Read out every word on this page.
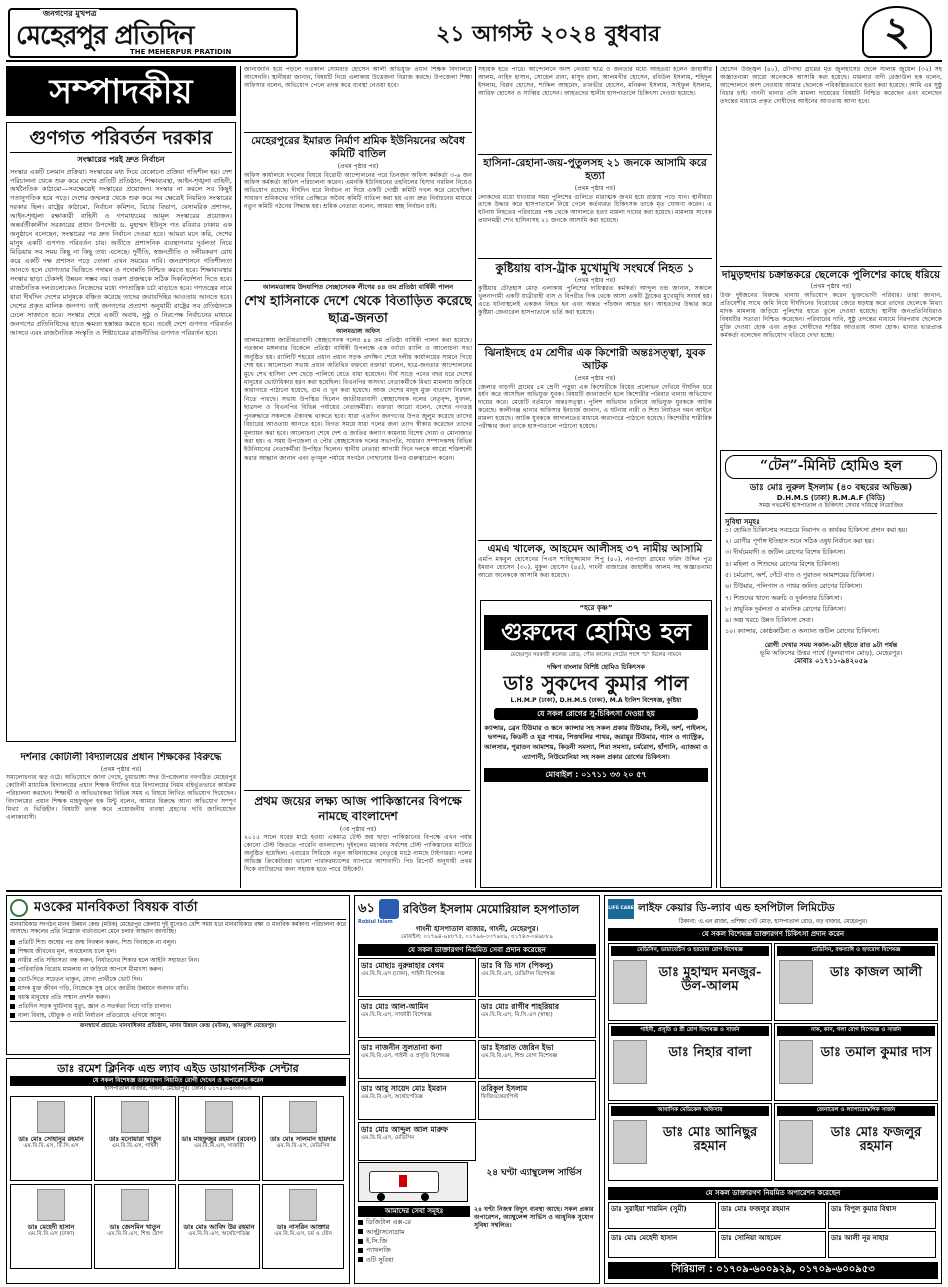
জনগণের মুখপত্র
মেহেরপুর প্রতিদিন
THE MEHERPUR PRATIDIN
২১ আগস্ট ২০২৪ বুধবার	২
সম্পাদকীয়
গুণগত পরিবর্তন দরকার
সংস্কারের পরই দ্রুত নির্বাচন
সংস্কার একটি চলমান প্রক্রিয়া। সংস্কারের মধ্য দিয়ে যেকোনো প্রক্রিয়া গতিশীল হয়। দেশ পরিচালনা থেকে শুরু করে দেশের প্রতিটি প্রতিষ্ঠান, শিক্ষাব্যবস্থা, আইন-শৃঙ্খলা বাহিনী, অর্থনৈতিক কাঠামো—সবক্ষেত্রেই সংস্কারের প্রয়োজন। সংস্কার না করলে সব কিছুই গতানুগতিক হয়ে পড়ে। দেশের জন্মলগ্ন থেকে শুরু করে সব ক্ষেত্রেই নিয়মিত সংস্কারের দরকার ছিল। রাষ্ট্রের কাঠামো, নির্বাচন কমিশন, বিচার বিভাগ, বেসামরিক প্রশাসন, আইন-শৃঙ্খলা রক্ষাকারী বাহিনী ও গণমাধ্যমের আমূল সংস্কারের প্রয়োজন। অন্তর্বর্তীকালীন সরকারের প্রধান উপদেষ্টা ড. মুহাম্মদ ইউনূস গত রবিবার ঢাকায় এক অনুষ্ঠানে বলেছেন, সংস্কারের পর দ্রুত নির্বাচন দেওয়া হবে। আমরা মনে করি, দেশের মানুষ একটি গুণগত পরিবর্তন চায়। অতীতে প্রশাসনিক ব্যবস্থাপনার দুর্বলতা নিয়ে মিডিয়ায় সব সময় কিছু না কিছু তথ্য এসেছে। দুর্নীতি, স্বজনপ্রীতি ও দলীয়করণ রোধ করে একটি দক্ষ প্রশাসন গড়ে তোলা এখন সময়ের দাবি। জনপ্রশাসনে গতিশীলতা আনতে হলে যোগ্যতার ভিত্তিতে পদায়ন ও পদোন্নতি নিশ্চিত করতে হবে। শিক্ষাব্যবস্থার সংস্কার ছাড়া টেকসই উন্নয়ন সম্ভব নয়। তরুণ প্রজন্মকে সঠিক দিকনির্দেশনা দিতে হবে। রাজনৈতিক দলগুলোকেও নিজেদের মধ্যে গণতান্ত্রিক চর্চা বাড়াতে হবে। গণতন্ত্রের নামে যারা দীর্ঘদিন দেশের মানুষকে বঞ্চিত করেছে তাদের জবাবদিহির আওতায় আনতে হবে। দেশের প্রকৃত মালিক জনগণ। তাই জনগণের প্রত্যাশা অনুযায়ী রাষ্ট্রের সব প্রতিষ্ঠানকে ঢেলে সাজাতে হবে। সংস্কার শেষে একটি অবাধ, সুষ্ঠু ও নিরপেক্ষ নির্বাচনের মাধ্যমে জনগণের প্রতিনিধিদের হাতে ক্ষমতা হস্তান্তর করতে হবে। তবেই দেশে গুণগত পরিবর্তন আসবে এবং রাজনৈতিক সংস্কৃতি ও শিষ্টাচারের রাজনীতির গুণগত পরিবর্তন হবে।
দর্শনার কোটালী বিদ্যালয়ের প্রধান শিক্ষকের বিরুদ্ধে
(প্রথম পৃষ্ঠার পর)
সমালোচনার ঝড় ওঠে। অভিযোগে জানা গেছে, চুয়াডাঙ্গা সদর উপজেলার নবগঠিত মেহেরপুর কোটালী মাধ্যমিক বিদ্যালয়ের প্রধান শিক্ষক দীর্ঘদিন ধরে বিদ্যালয়ের নিয়ম বহির্ভূতভাবে কার্যক্রম পরিচালনা করছেন। শিক্ষার্থী ও অভিভাবকরা বিভিন্ন সময় এ বিষয়ে লিখিত অভিযোগ দিয়েছেন। বিদ্যালয়ের প্রধান শিক্ষক মাহফুজুল হক মিন্টু বলেন, আমার বিরুদ্ধে আনা অভিযোগ সম্পূর্ণ মিথ্যা ও ভিত্তিহীন। বিষয়টি তদন্ত করে প্রয়োজনীয় ব্যবস্থা গ্রহণের দাবি জানিয়েছেন এলাকাবাসী।
জানাজানি হয়ে পড়লে গতকাল সোমবার হোসেন আলী অভিযুক্ত প্রধান শিক্ষক বিদ্যালয়ে আসেননি। স্থানীয়রা জানান, বিষয়টি নিয়ে এলাকায় উত্তেজনা বিরাজ করছে। উপজেলা শিক্ষা অফিসার বলেন, অভিযোগ পেলে তদন্ত করে ব্যবস্থা নেওয়া হবে।
মেহেরপুরের ইমারত নির্মাণ শ্রমিক ইউনিয়নের অবৈধ কমিটি বাতিল
(প্রথম পৃষ্ঠার পর)
অফিস কার্যালয়ে দখলের বিষয়ে বিরোধী আন্দোলনের পরে তিনজন অফিস কর্মকর্তা ৩-৬ জন অফিস কর্মকর্তা অফিস পরিচালনা করেন। এমনকি ইউনিয়নের তহবিলের হিসাব গরমিল নিয়েও অভিযোগ রয়েছে। দীর্ঘদিন ধরে নির্বাচন না দিয়ে একটি গোষ্ঠী কমিটি দখল করে রেখেছিল। সাধারণ শ্রমিকদের দাবির প্রেক্ষিতে অবৈধ কমিটি বাতিল করা হয় এবং দ্রুত নির্বাচনের মাধ্যমে নতুন কমিটি গঠনের সিদ্ধান্ত হয়। শ্রমিক নেতারা বলেন, আমরা স্বচ্ছ নির্বাচন চাই।
আলমডাঙ্গায় উদযাপিত সেচ্ছাসেবক লীগের ৪৪ তম প্রতিষ্ঠা বার্ষিকী পালন
শেখ হাসিনাকে দেশে থেকে বিতাড়িত করেছে ছাত্র-জনতা
আলমডাঙ্গা অফিস
আলমডাঙ্গায় জাতীয়তাবাদী স্বেচ্ছাসেবক দলের ৪৪ তম প্রতিষ্ঠা বার্ষিকী পালন করা হয়েছে। গতকাল মঙ্গলবার বিকেলে প্রতিষ্ঠা বার্ষিকী উপলক্ষে এক বর্ণাঢ্য র‍্যালি ও আলোচনা সভা অনুষ্ঠিত হয়। র‍্যালিটি শহরের প্রধান প্রধান সড়ক প্রদক্ষিণ শেষে দলীয় কার্যালয়ের সামনে গিয়ে শেষ হয়। আলোচনা সভায় প্রধান অতিথির বক্তব্যে বক্তারা বলেন, ছাত্র-জনতার আন্দোলনের মুখে শেখ হাসিনা দেশ ছেড়ে পালিয়ে যেতে বাধ্য হয়েছেন। দীর্ঘ সাড়ে পনের বছর ধরে দেশের মানুষের ভোটাধিকার হরণ করা হয়েছিল। বিএনপির অসংখ্য নেতাকর্মীকে মিথ্যা মামলায় জড়িয়ে কারাগারে পাঠানো হয়েছে, গুম ও খুন করা হয়েছে। আজ দেশের মানুষ মুক্ত বাতাসে নিঃশ্বাস নিতে পারছে। সভায় উপস্থিত ছিলেন জাতীয়তাবাদী স্বেচ্ছাসেবক দলের নেতৃবৃন্দ, যুবদল, ছাত্রদল ও বিএনপির বিভিন্ন পর্যায়ের নেতাকর্মীরা। বক্তারা আরো বলেন, দেশের গণতন্ত্র পুনরুদ্ধারে সকলকে ঐক্যবদ্ধ থাকতে হবে। যারা এতদিন জনগণের উপর জুলুম করেছে তাদের বিচারের আওতায় আনতে হবে। বিগত সময়ে যারা দলের জন্য ত্যাগ স্বীকার করেছেন তাদের মূল্যায়ন করা হবে। আলোচনা শেষে দেশ ও জাতির কল্যাণ কামনায় বিশেষ দোয়া ও মোনাজাত করা হয়। এ সময় উপজেলা ও পৌর স্বেচ্ছাসেবক দলের সভাপতি, সাধারণ সম্পাদকসহ বিভিন্ন ইউনিয়নের নেতাকর্মীরা উপস্থিত ছিলেন। স্থানীয় নেতারা আগামী দিনে দলকে আরো শক্তিশালী করার আহ্বান জানান এবং তৃণমূল পর্যায়ে সংগঠন গোছানোর উপর গুরুত্বারোপ করেন।
প্রথম জয়ের লক্ষ্য আজ পাকিস্তানের বিপক্ষে নামছে বাংলাদেশ
(৩য় পৃষ্ঠার পর)
২০১৫ সালে ঘরের মাঠে হওয়া একমাত্র টেস্ট জয় ছাড়া পাকিস্তানের বিপক্ষে এখন পর্যন্ত কোনো টেস্ট জিততে পারেনি বাংলাদেশ। দুইদলের মধ্যকার সর্বশেষ টেস্ট পাকিস্তানের মাটিতে অনুষ্ঠিত হয়েছিল। এবারের সিরিজে নতুন অধিনায়কের নেতৃত্বে মাঠে নামছে টাইগাররা। দলের অভিজ্ঞ ক্রিকেটাররা ভালো পারফরম্যান্সের ব্যাপারে আশাবাদী। পিচ রিপোর্ট অনুযায়ী প্রথম দিকে ব্যাটারদের জন্য সহায়ক হতে পারে উইকেট।
সহায়ক হতে পারে। আন্দোলনে অংশ নেওয়া ছাত্র ও জনতার মধ্যে আহতরা হলেন জাহাঙ্গীর আলম, নাহিদ হাসান, সোহেল রানা, মাসুদ রানা, আলমগীর হোসেন, রবিউল ইসলাম, শহিদুল ইসলাম, বিপ্লব হোসেন, শাকিল আহমেদ, তানভীর হোসেন, মনিরুল ইসলাম, সাইফুল ইসলাম, আরিফ হোসেন ও সাব্বির হোসেন। আহতদের স্থানীয় হাসপাতালে চিকিৎসা দেওয়া হয়েছে।
হাসিনা-রেহানা-জয়-পুতুলসহ ২১ জনকে আসামি করে হত্যা
(প্রথম পৃষ্ঠার পর)
লোকদের মধ্যে যাওয়ার সময় পুলিশের গুলিতে মারাত্মক জখম হয়ে রাস্তায় পড়ে যান। স্থানীয়রা তাকে উদ্ধার করে হাসপাতালে নিয়ে গেলে কর্তব্যরত চিকিৎসক তাকে মৃত ঘোষণা করেন। এ ঘটনায় নিহতের পরিবারের পক্ষ থেকে আদালতে হত্যা মামলা দায়ের করা হয়েছে। মামলায় সাবেক প্রধানমন্ত্রী শেখ হাসিনাসহ ২১ জনকে আসামি করা হয়েছে।
কুষ্টিয়ায় বাস-ট্রাক মুখোমুখি সংঘর্ষে নিহত ১
(প্রথম পৃষ্ঠার পর)
কুষ্টিয়ার চৌড়হাস মোড় এলাকায় পুলিশের দায়িত্বরত কর্মকর্তা আব্দুল চন্দ্র জানান, সকালে খুলনাগামী একটি যাত্রীবাহী বাস ও বিপরীত দিক থেকে আসা একটি ট্রাকের মুখোমুখি সংঘর্ষ হয়। এতে ঘটনাস্থলেই একজন নিহত হন এবং অন্তত পাঁচজন আহত হন। আহতদের উদ্ধার করে কুষ্টিয়া জেনারেল হাসপাতালে ভর্তি করা হয়েছে।
ঝিনাইদহে ৫ম শ্রেণীর এক কিশোরী অন্তঃসত্ত্বা, যুবক আটক
(প্রথম পৃষ্ঠার পর)
জেলার বাড়াদী গ্রামের ৫ম শ্রেণী পড়ুয়া এক কিশোরীকে বিয়ের প্রলোভন দেখিয়ে দীর্ঘদিন ধরে ধর্ষণ করে আসছিল অভিযুক্ত যুবক। বিষয়টি জানাজানি হলে কিশোরীর পরিবার থানায় অভিযোগ দায়ের করে। মেয়েটি বর্তমানে অন্তঃসত্ত্বা। পুলিশ অভিযান চালিয়ে অভিযুক্ত যুবককে আটক করেছে। কালীগঞ্জ থানার অফিসার ইনচার্জ জানান, এ ঘটনায় নারী ও শিশু নির্যাতন দমন আইনে মামলা হয়েছে। আটক যুবককে আদালতের মাধ্যমে কারাগারে পাঠানো হয়েছে। কিশোরীর শারীরিক পরীক্ষার জন্য তাকে হাসপাতালে পাঠানো হয়েছে।
এমএ খালেক, আহমেদ আলীসহ ৩৭ নামীয় আসামি
এমপি মকবুল হোসেনের পিএস শাহিদুজ্জামান শিপু (৪০), নওপাড়া গ্রামের ফরিদ উদ্দিন পুত্র ইমরান হোসেন (৩০), মুকুল হোসেন (৪৫), গাংনী বাজারের জাহাঙ্গীর আলম সহ অজ্ঞাতনামা আরো অনেককে আসামি করা হয়েছে।
“হরে কৃষ্ণ”
গুরুদেব হোমিও হল
মেহেরপুর সরকারী কলেজ রোড, পৌর কালের গেটের পাশে "চ" মিলের সামনে
দক্ষিণ বাংলার বিশিষ্ট হোমিও চিকিৎসক
ডাঃ সুকদেব কুমার পাল
L.H.M.P (ঢাকা), D.H.M.S (ঢাকা), M.A ইংলিশ বিশেষজ্ঞ, কুষ্টিয়া
যে সকল রোগের সু-চিকিৎসা দেওয়া হয়
ক্যান্সার, ব্রেন টিউমার ও স্তনে ক্যান্সার সহ সকল প্রকার টিউমার, সিস্ট, অর্শ, পাইলস, ভগন্দর, কিডনী ও মূত্র পাথর, পিত্তথলির পাথর, জরায়ুর টিউমার, গ্যাস ও গ্যাস্ট্রিক, আলসার, পুরাতন আমাশয়, কিডনী সমস্যা, শিরা সমস্যা, চর্মরোগ, হাঁপানি, এ্যাজমা ও এ্যাপানী, নিউমোনিয়া সহ সকল প্রকার রোগের চিকিৎসা।
মোবাইল : ০১৭১১ ৩৩ ২০ ৫৭
হোসেন উজ্জ্বল (৪০), চৌগাছা গ্রামের মৃত জুলহাসের ছেলে সালাম জুয়েল (৩২) সহ অজ্ঞাতনামা আরো অনেককে আসামি করা হয়েছে। মামলার বাদী রেজাউল হক বলেন, আন্দোলনে অংশ নেওয়ায় আমার ছেলেকে পরিকল্পিতভাবে হত্যা করা হয়েছে। আমি এর সুষ্ঠু বিচার চাই। গাংনী থানার ওসি মামলা দায়েরের বিষয়টি নিশ্চিত করেছেন এবং বলেছেন তদন্তের মাধ্যমে প্রকৃত দোষীদের আইনের আওতায় আনা হবে।
দামুড়হুদায় চক্রান্তকরে ছেলেকে পুলিশের কাছে ধরিয়ে
(প্রথম পৃষ্ঠার পর)
উক্ত দুইজনের বিরুদ্ধে থানায় অভিযোগ করেন ভুক্তভোগী পরিবার। তারা জানান, প্রতিবেশীর সাথে জমি নিয়ে দীর্ঘদিনের বিরোধের জেরে ষড়যন্ত্র করে তাদের ছেলেকে মিথ্যা মাদক মামলায় জড়িয়ে পুলিশের হাতে তুলে দেওয়া হয়েছে। স্থানীয় জনপ্রতিনিধিরাও বিষয়টির সত্যতা নিশ্চিত করেছেন। পরিবারের দাবি, সুষ্ঠু তদন্তের মাধ্যমে নিরপরাধ ছেলেকে মুক্তি দেওয়া হোক এবং প্রকৃত দোষীদের শাস্তির আওতায় আনা হোক। থানার ভারপ্রাপ্ত কর্মকর্তা বলেছেন অভিযোগ খতিয়ে দেখা হচ্ছে।
“টেন”-মিনিট হোমিও হল
ডাঃ মোঃ নুরুল ইসলাম (৪০ বছরের অভিজ্ঞ)
D.H.M.S (ঢাকা) R.M.A.F (বিডি)
সমস্ত গভর্মেন্ট হাসপাতাল ও চিকিৎসা সেবার দায়িত্বে নিয়োজিত
সুবিধা সমূহঃ
১। হোমিও চিকিৎসায় সবচেয়ে নিরাপদ ও কার্যকর চিকিৎসা প্রদান করা হয়।
২। রোগীর পূর্ণাঙ্গ ইতিহাস শুনে সঠিক ওষুধ নির্বাচন করা হয়।
৩। দীর্ঘমেয়াদী ও জটিল রোগের বিশেষ চিকিৎসা।
৪। মহিলা ও শিশুদের রোগের বিশেষ চিকিৎসা।
৫। চর্মরোগ, অর্শ, গেঁটে বাত ও পুরাতন আমাশয়ের চিকিৎসা।
৬। টিউমার, পলিপাস ও পাথর জনিত রোগের চিকিৎসা।
৭। শিশুদের খাদ্যে অরুচি ও দুর্বলতার চিকিৎসা।
৮। স্নায়ুবিক দুর্বলতা ও মানসিক রোগের চিকিৎসা।
৯। অল্প খরচে উন্নত চিকিৎসা সেবা।
১০। ক্যান্সার, কোষ্ঠকাঠিন্য ও অন্যান্য জটিল রোগের চিকিৎসা।
রোগী দেখার সময় সকাল-৯টা হইতে রাত ৯টা পর্যন্ত
ভূমি অফিসের উত্তর পার্শ্বে (ফুলবাগান মোড়), মেহেরপুর।
মোবাঃ ০১৭১১-৯৪২০৫৯
মওকের মানবিকতা বিষয়ক বার্তা
মানবাধিকার সংগঠন মানব উন্নয়ন কেন্দ্র (মউক) মেহেরপুর জেলায় দুই যুগেরও বেশি সময় ধরে মানবাধিকার রক্ষা ও মানবিক কর্মকাণ্ড পরিচালনা করে আসছে। সকলের প্রতি নিম্নোক্ত বার্তাগুলো মেনে চলার আহ্বান জানাচ্ছি।
প্রতিটি শিশু জন্মের পর জন্ম নিবন্ধন করুন, শিশু বিবাহকে না বলুন।
শিক্ষায় জীবনের মূল, অবহেলায় চলে মূল।
নারীর প্রতি সহিংসতা বন্ধ করুন, নির্যাতনের শিকার হলে আইনি সহায়তা নিন।
পারিবারিক বিরোধ মামলায় না জড়িয়ে আপসে মীমাংসা করুন।
ভোট-দিতে সচেতন থাকুন, যোগ্য প্রার্থীকে ভোট দিন।
মাদক মুক্ত জীবন গড়ি, নিজেকে সুস্থ রেখে জাতীয় উন্নয়নে অবদান রাখি।
বয়স্ক মানুষের প্রতি সম্মান প্রদর্শন করুন।
প্রতিদিন সড়ক দুর্ঘটনায় মৃত্যু, জ্ঞান ও সতর্কতা নিয়ে গাড়ি চালান।
বাল্য বিবাহ, যৌতুক ও নারী নির্যাতন প্রতিরোধে এগিয়ে আসুন।
জনস্বার্থে প্রচারে: মানবাধিকার প্রতিষ্ঠান, মানব উন্নয়ন কেন্দ্র (মউক), আমঝুপি মেহেরপুর।
ডাঃ রমেশ ক্লিনিক এন্ড ল্যাব এইড ডায়াগনস্টিক সেন্টার
যে সকল বিশেষজ্ঞ ডাক্তারগণ নিয়মিত রোগী দেখেন ও অপারেশন করেন
হাসপাতাল বাজার, গাংনী, মেহেরপুর। ফোনঃ ০১৭৫০-৪৩৩৩০৩
ডাঃ মোঃ সোহানুর রহমান
এম.বি.বি.এস, বি.সি.এস
ডাঃ মনোয়ারা খাতুন
এম.বি.বি.এস, গাইনী
ডাঃ মাহফুজুর রহমান (রবেন)
এম.বি.বি.এস, সার্জারী
ডাঃ মোঃ সালমান হায়দার
এম.বি.বি.এস, মেডিসিন
ডাঃ মেহেদী হাসান
এম.বি.বি.এস (ঢাকা)
ডাঃ জেসমিন খাতুন
এম.বি.বি.এস, শিশু রোগ
ডাঃ মোঃ আবিদ উর রহমান
এম.বি.বি.এস, অর্থোপেডিক্স
ডাঃ নাসরিন আক্তার
এম.বি.বি.এস, চর্ম ও যৌন
৬১ রবিউল ইসলাম মেমোরিয়াল হসপাতাল
Robiul Islam
গাংনী হাসপাতাল বাজার, গাংনী, মেহেরপুর।
মোবাইল: ০১৭৯৪-৯৮৮৭৫, ০১৭৯৬-০৩৭৯৮৯, ০১৭৪৩-০৪৬৮৮৯
যে সকল ডাক্তারগণ নিয়মিত সেবা প্রদান করেছেন
ডাঃ মোছাঃ নুরুন্নাহার বেগম
এম.বি.বি.এস (ঢাকা), গাইনী বিশেষজ্ঞ
ডাঃ বি ডি দাস (পিকলু)
এম.বি.বি.এস, মেডিসিন বিশেষজ্ঞ
ডাঃ মোঃ আল-আমিন
এম.বি.বি.এস, সার্জারী বিশেষজ্ঞ
ডাঃ মোঃ রাগীব শাহরিয়ার
এম.বি.বি.এস, বি.সি.এস (স্বাস্থ্য)
ডাঃ নাজনীন সুলতানা কনা
এম.বি.বি.এস, গাইনী ও প্রসূতি বিশেষজ্ঞ
ডাঃ ইসরাত জেরিন ইভা
এম.বি.বি.এস, শিশু রোগ বিশেষজ্ঞ
ডাঃ আবু সায়েদ মোঃ ইমরান
এম.বি.বি.এস, অর্থোপেডিক্স
তরিকুল ইসলাম
ফিজিওথেরাপিস্ট
ডাঃ মোঃ আব্দুল আল মারুফ
এম.বি.বি.এস, মেডিসিন
২৪ ঘণ্টা এ্যাম্বুলেন্স সার্ভিস
আমাদের সেবা সমূহঃ
ডিজিটাল এক্স-রে
আল্ট্রাসনোগ্রাম
ই.সি.জি
প্যাথলজি
ওটি সুবিধা
২৪ ঘণ্টা নিজস্ব বিদ্যুৎ ব্যবস্থা আছে। সকল প্রকার অপারেশন, অ্যাম্বুলেন্স সার্ভিস ও আধুনিক সুযোগ সুবিধা সম্বলিত।
LIFE CARE লাইফ কেয়ার ডি-ল্যাব এন্ড হসপিটাল লিমিটেড
ঠিকানা: এ.এন প্লাজা, প্রশিক্ষা গেট মোড়, হাসপাতাল রোড, বড় বাজার, মেহেরপুর।
যে সকল বিশেষজ্ঞ ডাক্তারগণ চিকিৎসা প্রদান করেন
মেডিসিন, ডায়াবেটিস ও হরমোন রোগ বিশেষজ্ঞ
ডাঃ মুহাম্মদ মনজুর-উল-আলম
মেডিসিন, বক্ষব্যাধি ও হৃদরোগ বিশেষজ্ঞ
ডাঃ কাজল আলী
গাইনী, প্রসূতি ও স্ত্রী রোগ বিশেষজ্ঞ ও সার্জন
ডাঃ নিহার বালা
নাক, কান, গলা রোগ বিশেষজ্ঞ ও সার্জন
ডাঃ তমাল কুমার দাস
আবাসিক মেডিকেল অফিসার
ডাঃ মোঃ আনিছুর রহমান
জেনারেল ও ল্যাপারোস্কপিক সার্জন
ডাঃ মোঃ ফজলুর রহমান
যে সকল ডাক্তারগণ নিয়মিত অপারেশন করেছেন
ডাঃ সুরাইয়া শারমিন (সুমী)	ডাঃ মোঃ ফজলুর রহমান	ডাঃ বিপুল কুমার বিশ্বাস
ডাঃ মোঃ মেহেদী হাসান	ডাঃ সোনিয়া আহমেদ	ডাঃ আলী নূর নাহার
সিরিয়াল : ০১৭০৯-৬০০৯২৯, ০১৭০৯-৬০০৯৫৩
